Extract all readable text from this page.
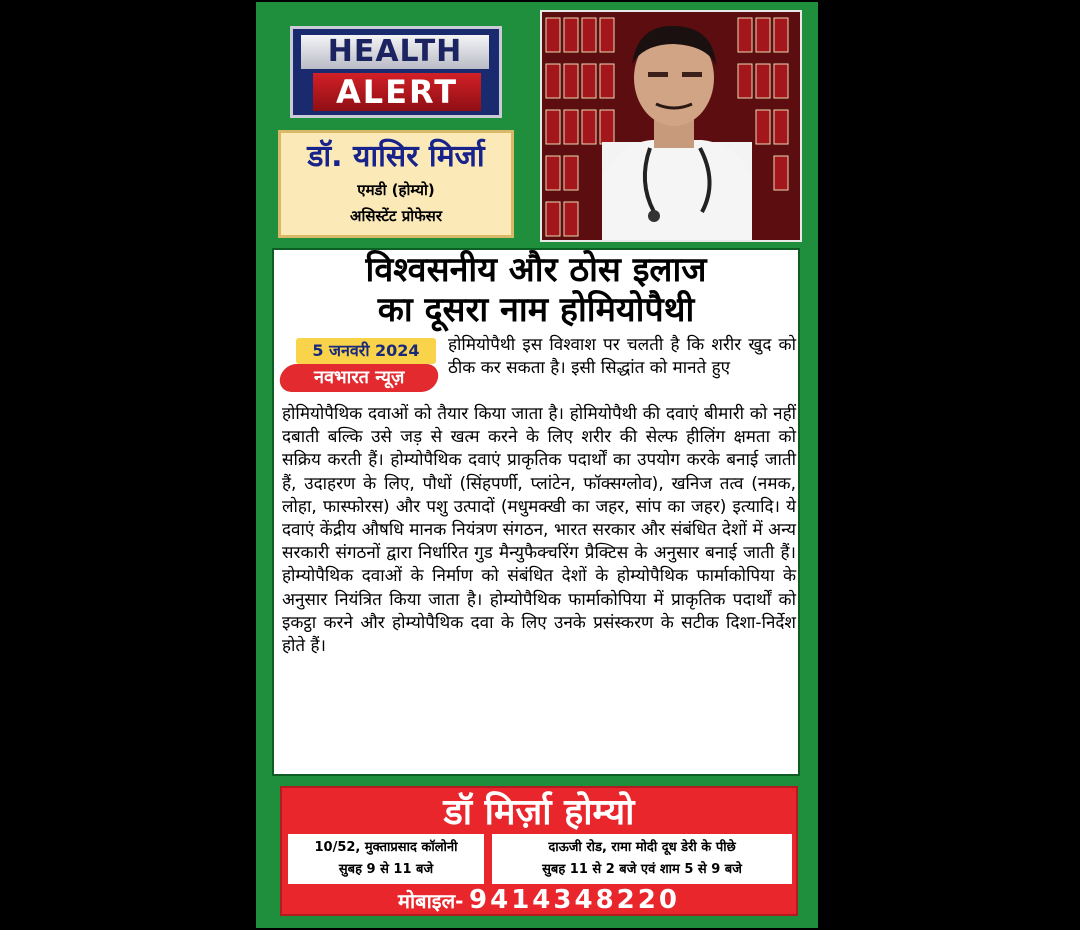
HEALTH
ALERT
डॉ. यासिर मिर्जा
एमडी (होम्यो)
असिस्टेंट प्रोफेसर
विश्वसनीय और ठोस इलाज
का दूसरा नाम होमियोपैथी
5 जनवरी 2024
नवभारत न्यूज़
होमियोपैथी इस विश्वाश पर चलती है कि शरीर खुद को ठीक कर सकता है। इसी सिद्धांत को मानते हुए
होमियोपैथिक दवाओं को तैयार किया जाता है। होमियोपैथी की दवाएं बीमारी को नहीं दबाती बल्कि उसे जड़ से खत्म करने के लिए शरीर की सेल्फ हीलिंग क्षमता को सक्रिय करती हैं। होम्योपैथिक दवाएं प्राकृतिक पदार्थों का उपयोग करके बनाई जाती हैं, उदाहरण के लिए, पौधों (सिंहपर्णी, प्लांटेन, फॉक्सग्लोव), खनिज तत्व (नमक, लोहा, फास्फोरस) और पशु उत्पादों (मधुमक्खी का जहर, सांप का जहर) इत्यादि। ये दवाएं केंद्रीय औषधि मानक नियंत्रण संगठन, भारत सरकार और संबंधित देशों में अन्य सरकारी संगठनों द्वारा निर्धारित गुड मैन्युफैक्चरिंग प्रैक्टिस के अनुसार बनाई जाती हैं। होम्योपैथिक दवाओं के निर्माण को संबंधित देशों के होम्योपैथिक फार्माकोपिया के अनुसार नियंत्रित किया जाता है। होम्योपैथिक फार्माकोपिया में प्राकृतिक पदार्थों को इकट्ठा करने और होम्योपैथिक दवा के लिए उनके प्रसंस्करण के सटीक दिशा-निर्देश होते हैं।
डॉ मिर्ज़ा होम्यो
10/52, मुक्ताप्रसाद कॉलोनी
सुबह 9 से 11 बजे
दाऊजी रोड, रामा मोदी दूध डेरी के पीछे
सुबह 11 से 2 बजे एवं शाम 5 से 9 बजे
मोबाइल- 9414348220
